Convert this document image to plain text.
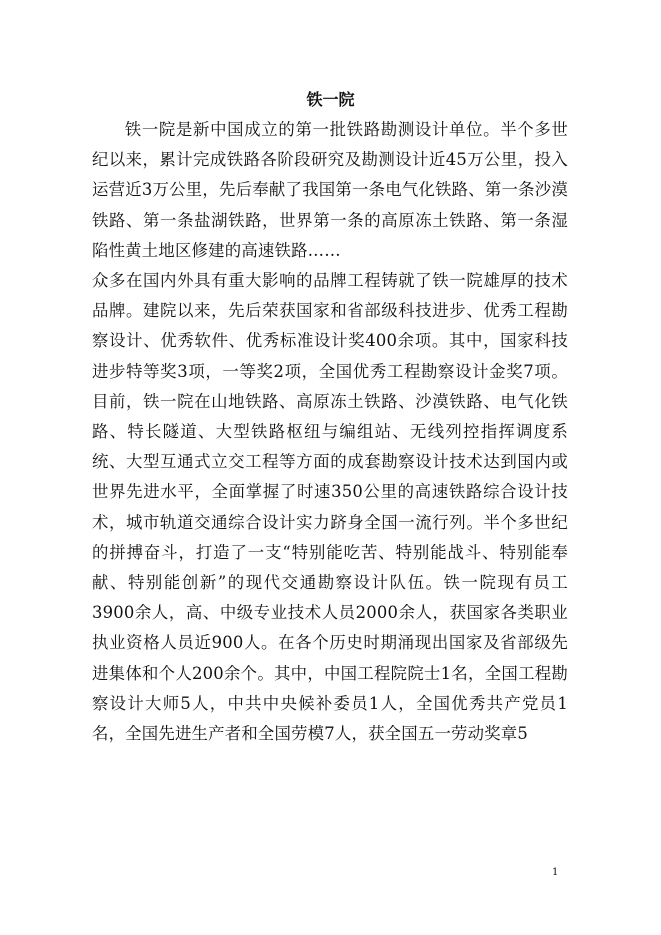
铁一院

铁一院是新中国成立的第一批铁路勘测设计单位。半个多世纪以来，累计完成铁路各阶段研究及勘测设计近45万公里，投入运营近3万公里，先后奉献了我国第一条电气化铁路、第一条沙漠铁路、第一条盐湖铁路，世界第一条的高原冻土铁路、第一条湿陷性黄土地区修建的高速铁路……

众多在国内外具有重大影响的品牌工程铸就了铁一院雄厚的技术品牌。建院以来，先后荣获国家和省部级科技进步、优秀工程勘察设计、优秀软件、优秀标准设计奖400余项。其中，国家科技进步特等奖3项，一等奖2项，全国优秀工程勘察设计金奖7项。目前，铁一院在山地铁路、高原冻土铁路、沙漠铁路、电气化铁路、特长隧道、大型铁路枢纽与编组站、无线列控指挥调度系统、大型互通式立交工程等方面的成套勘察设计技术达到国内或世界先进水平，全面掌握了时速350公里的高速铁路综合设计技术，城市轨道交通综合设计实力跻身全国一流行列。半个多世纪的拼搏奋斗，打造了一支“特别能吃苦、特别能战斗、特别能奉献、特别能创新”的现代交通勘察设计队伍。铁一院现有员工3900余人，高、中级专业技术人员2000余人，获国家各类职业执业资格人员近900人。在各个历史时期涌现出国家及省部级先进集体和个人200余个。其中，中国工程院院士1名，全国工程勘察设计大师5人，中共中央候补委员1人，全国优秀共产党员1名，全国先进生产者和全国劳模7人，获全国五一劳动奖章5

1
